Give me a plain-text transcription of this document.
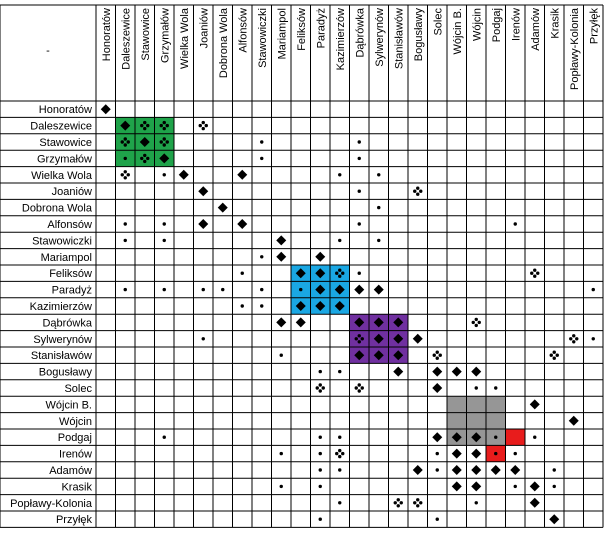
-
Honoratów
Honoratów
Daleszewice
Daleszewice
Stawowice
Stawowice
Grzymałów
Grzymałów
Wielka Wola
Wielka Wola
Joaniów
Joaniów
Dobrona Wola
Dobrona Wola
Alfonsów
Alfonsów
Stawowiczki
Stawowiczki
Mariampol
Mariampol
Feliksów
Feliksów
Paradyż
Paradyż
Kazimierzów
Kazimierzów
Dąbrówka
Dąbrówka
Sylwerynów
Sylwerynów
Stanisławów
Stanisławów
Bogusławy
Bogusławy
Solec
Solec
Wójcin B.
Wójcin B.
Wójcin
Wójcin
Podgaj
Podgaj
Irenów
Irenów
Adamów
Adamów
Krasik
Krasik
Popławy-Kolonia
Popławy-Kolonia
Przyłęk
Przyłęk
